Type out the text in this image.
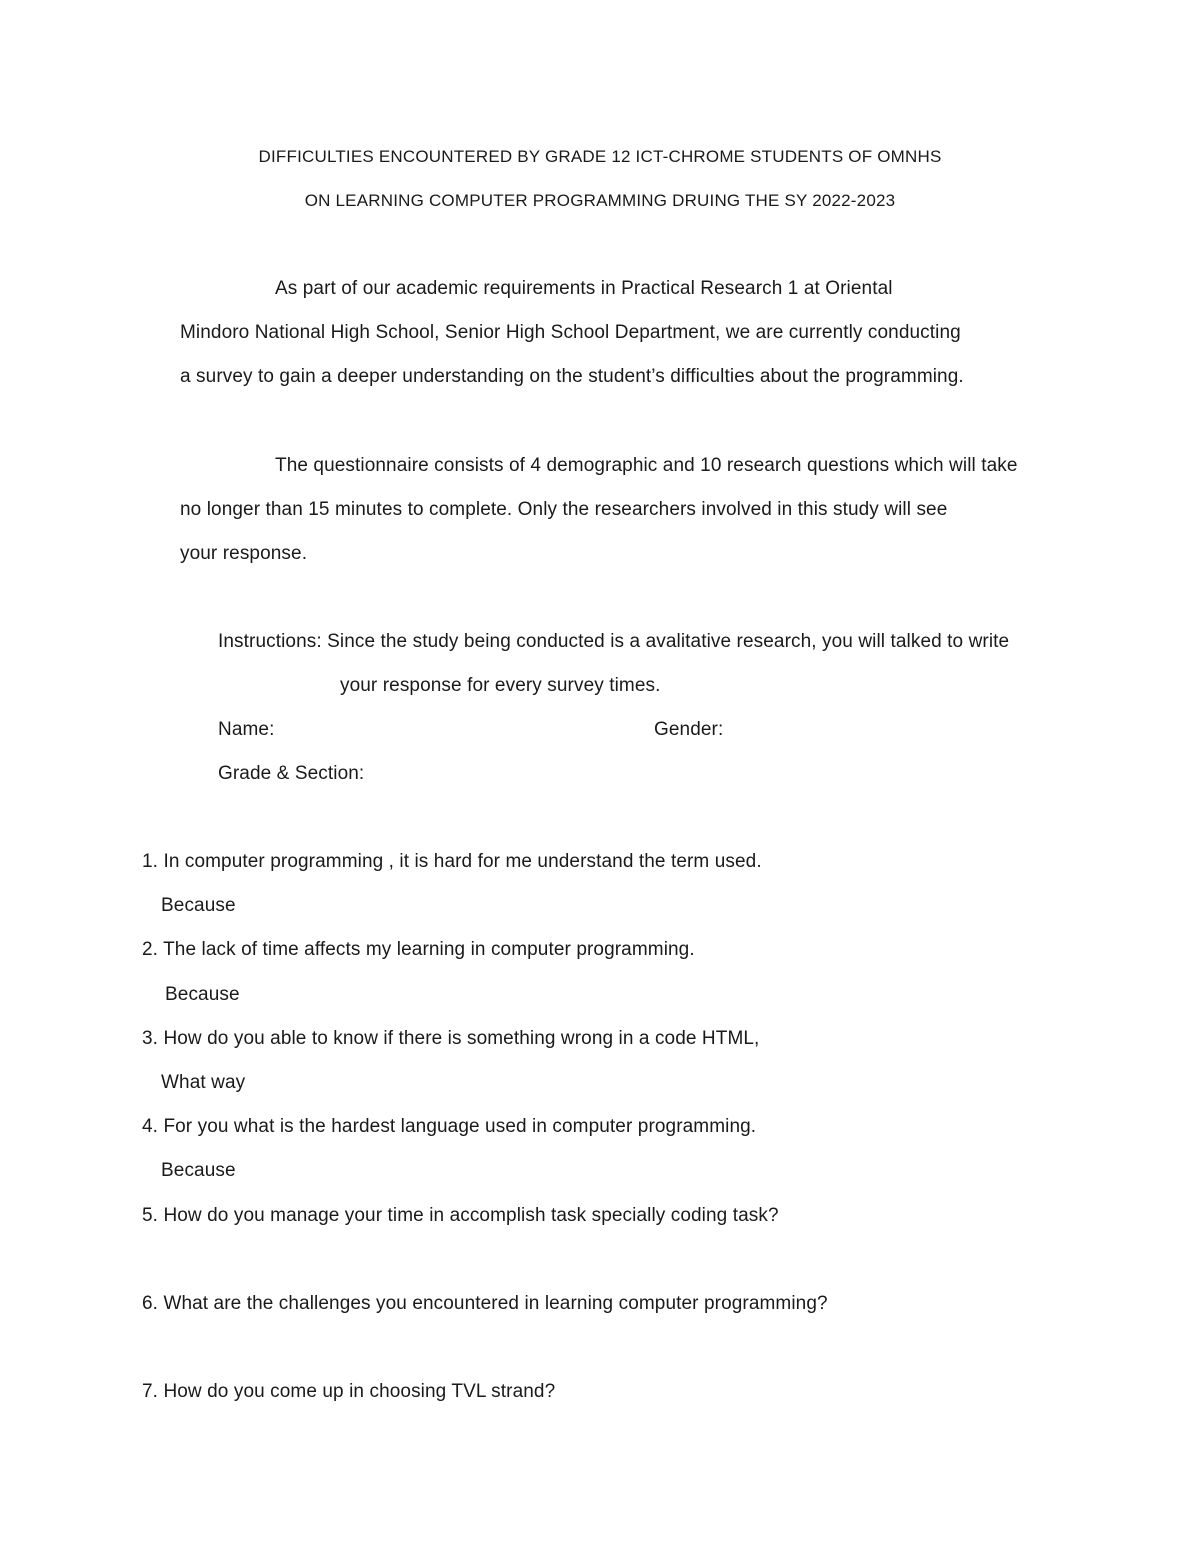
DIFFICULTIES ENCOUNTERED BY GRADE 12 ICT-CHROME STUDENTS OF OMNHS
ON LEARNING COMPUTER PROGRAMMING DRUING THE SY 2022-2023
As part of our academic requirements in Practical Research 1 at Oriental
Mindoro National High School, Senior High School Department, we are currently conducting
a survey to gain a deeper understanding on the student’s difficulties about the programming.
The questionnaire consists of 4 demographic and 10 research questions which will take
no longer than 15 minutes to complete. Only the researchers involved in this study will see
your response.
Instructions: Since the study being conducted is a avalitative research, you will talked to write
your response for every survey times.
Name:	Gender:
Grade & Section:
1. In computer programming , it is hard for me understand the term used.
Because
2. The lack of time affects my learning in computer programming.
Because
3. How do you able to know if there is something wrong in a code HTML,
What way
4. For you what is the hardest language used in computer programming.
Because
5. How do you manage your time in accomplish task specially coding task?
6. What are the challenges you encountered in learning computer programming?
7. How do you come up in choosing TVL strand?
